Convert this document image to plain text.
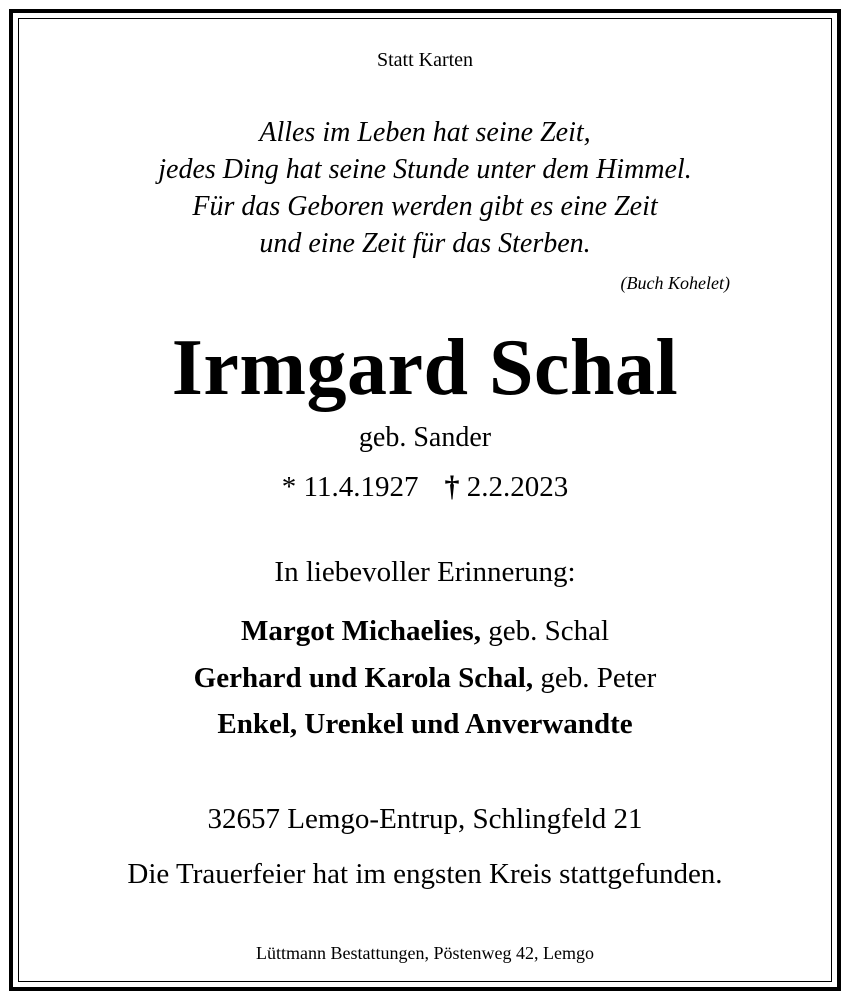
Statt Karten
Alles im Leben hat seine Zeit,
jedes Ding hat seine Stunde unter dem Himmel.
Für das Geboren werden gibt es eine Zeit
und eine Zeit für das Sterben.
(Buch Kohelet)
Irmgard Schal
geb. Sander
* 11.4.1927 † 2.2.2023
In liebevoller Erinnerung:
Margot Michaelies, geb. Schal
Gerhard und Karola Schal, geb. Peter
Enkel, Urenkel und Anverwandte
32657 Lemgo-Entrup, Schlingfeld 21
Die Trauerfeier hat im engsten Kreis stattgefunden.
Lüttmann Bestattungen, Pöstenweg 42, Lemgo
